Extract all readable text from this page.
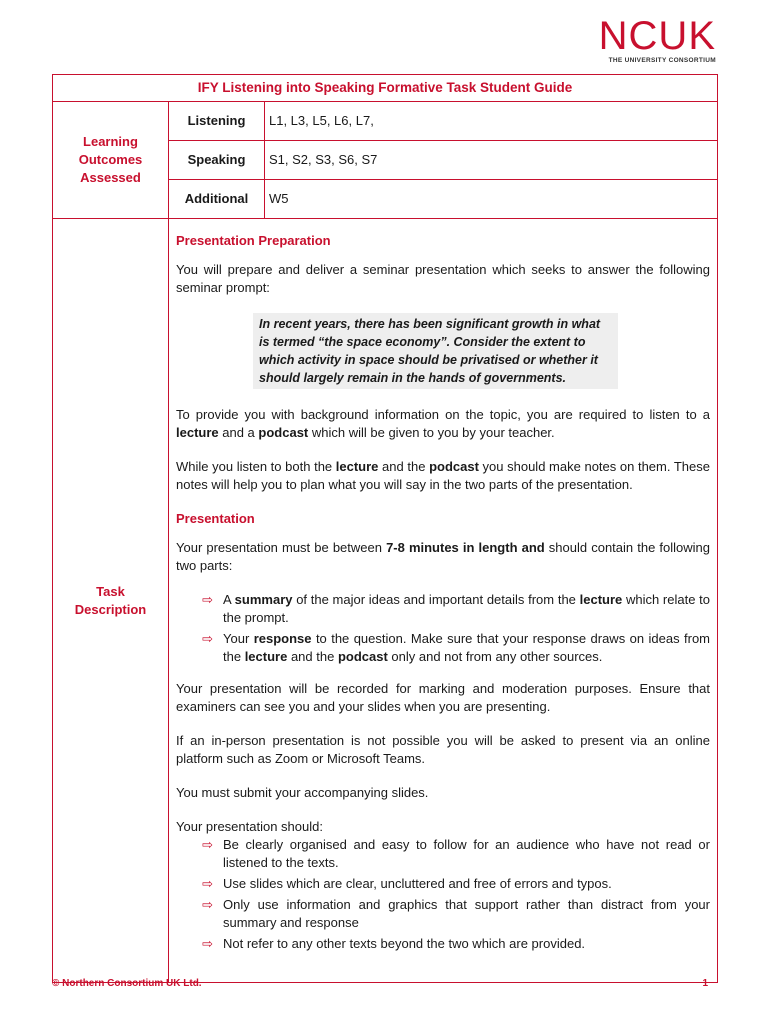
NCUK
THE UNIVERSITY CONSORTIUM
IFY Listening into Speaking Formative Task Student Guide
Learning
Outcomes
Assessed
Listening	L1, L3, L5, L6, L7,
Speaking	S1, S2, S3, S6, S7
Additional	W5
Task
Description
Presentation Preparation
You will prepare and deliver a seminar presentation which seeks to answer the following seminar prompt:
In recent years, there has been significant growth in what is termed “the space economy”. Consider the extent to which activity in space should be privatised or whether it should largely remain in the hands of governments.
To provide you with background information on the topic, you are required to listen to a lecture and a podcast which will be given to you by your teacher.
While you listen to both the lecture and the podcast you should make notes on them. These notes will help you to plan what you will say in the two parts of the presentation.
Presentation
Your presentation must be between 7-8 minutes in length and should contain the following two parts:
⇨ A summary of the major ideas and important details from the lecture which relate to the prompt.
⇨ Your response to the question. Make sure that your response draws on ideas from the lecture and the podcast only and not from any other sources.
Your presentation will be recorded for marking and moderation purposes. Ensure that examiners can see you and your slides when you are presenting.
If an in-person presentation is not possible you will be asked to present via an online platform such as Zoom or Microsoft Teams.
You must submit your accompanying slides.
Your presentation should:
⇨ Be clearly organised and easy to follow for an audience who have not read or listened to the texts.
⇨ Use slides which are clear, uncluttered and free of errors and typos.
⇨ Only use information and graphics that support rather than distract from your summary and response
⇨ Not refer to any other texts beyond the two which are provided.
© Northern Consortium UK Ltd.	1
